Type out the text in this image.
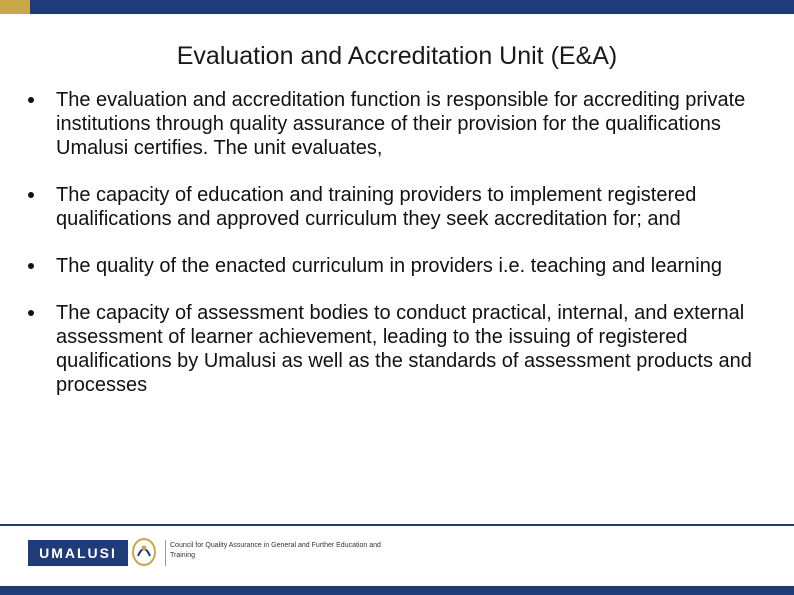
Evaluation and Accreditation Unit (E&A)
The evaluation and accreditation function is responsible for accrediting private institutions through quality assurance of their provision for the qualifications Umalusi certifies. The unit evaluates,
The capacity of education and training providers to implement registered qualifications and approved curriculum they seek accreditation for; and
The quality of the enacted curriculum in providers i.e. teaching and learning
The capacity of assessment bodies to conduct practical, internal, and external assessment of learner achievement, leading to the issuing of registered qualifications by Umalusi as well as the standards of assessment products and processes
UMALUSI	Council for Quality Assurance in General and Further Education and Training
